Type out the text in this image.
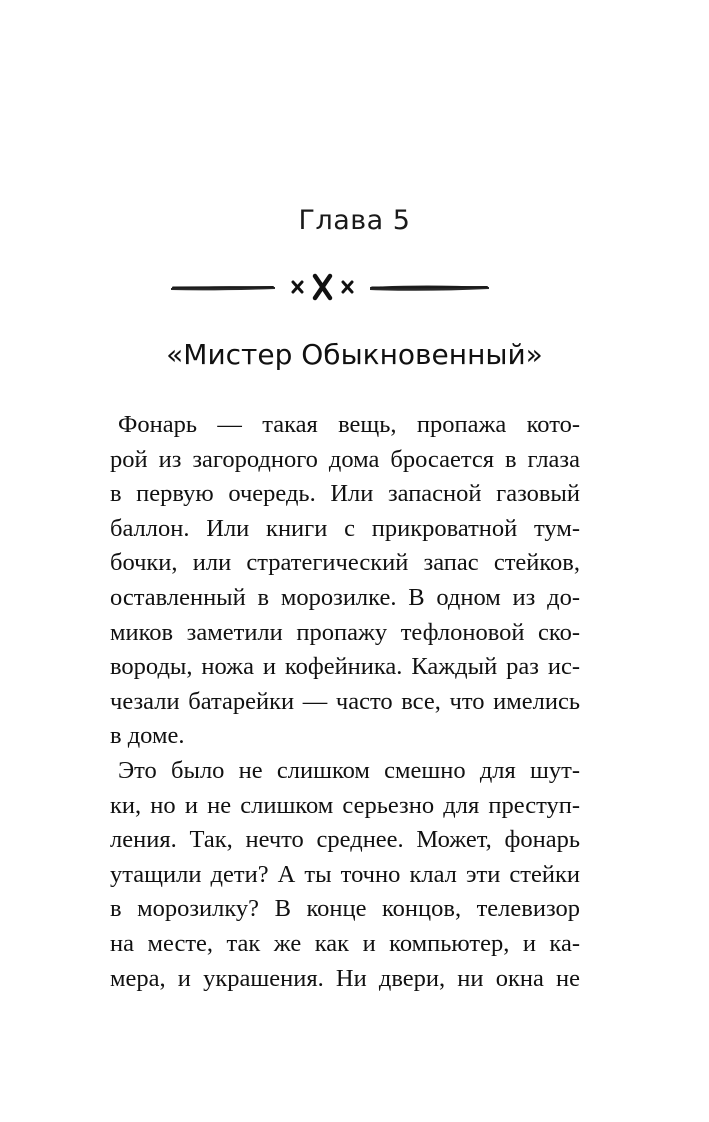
Глава 5
«Мистер Обыкновенный»
Фонарь — такая вещь, пропажа кото-
рой из загородного дома бросается в глаза
в первую очередь. Или запасной газовый
баллон. Или книги с прикроватной тум-
бочки, или стратегический запас стейков,
оставленный в морозилке. В одном из до-
миков заметили пропажу тефлоновой ско-
вороды, ножа и кофейника. Каждый раз ис-
чезали батарейки — часто все, что имелись
в доме.
Это было не слишком смешно для шут-
ки, но и не слишком серьезно для преступ-
ления. Так, нечто среднее. Может, фонарь
утащили дети? А ты точно клал эти стейки
в морозилку? В конце концов, телевизор
на месте, так же как и компьютер, и ка-
мера, и украшения. Ни двери, ни окна не
